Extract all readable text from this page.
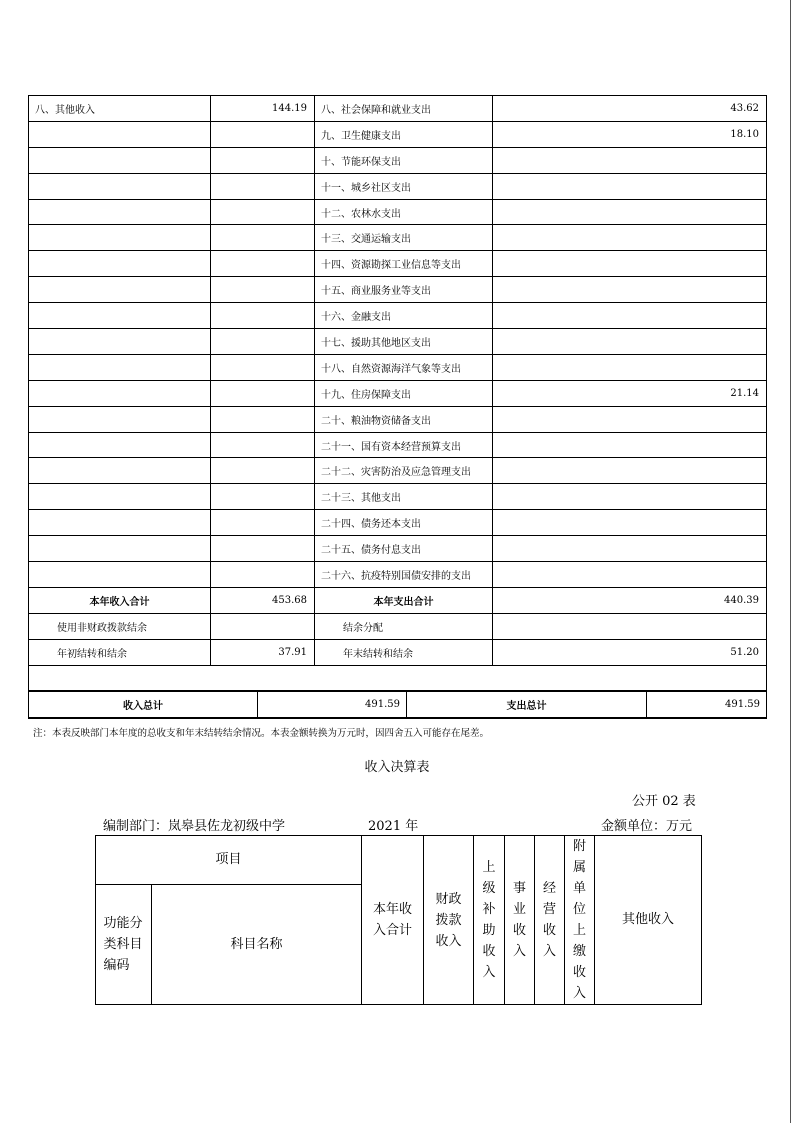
八、其他收入	144.19	八、社会保障和就业支出	43.62
		九、卫生健康支出	18.10
		十、节能环保支出	
		十一、城乡社区支出	
		十二、农林水支出	
		十三、交通运输支出	
		十四、资源勘探工业信息等支出	
		十五、商业服务业等支出	
		十六、金融支出	
		十七、援助其他地区支出	
		十八、自然资源海洋气象等支出	
		十九、住房保障支出	21.14
		二十、粮油物资储备支出	
		二十一、国有资本经营预算支出	
		二十二、灾害防治及应急管理支出	
		二十三、其他支出	
		二十四、债务还本支出	
		二十五、债务付息支出	
		二十六、抗疫特别国债安排的支出	
本年收入合计	453.68	本年支出合计	440.39
使用非财政拨款结余		结余分配	
年初结转和结余	37.91	年末结转和结余	51.20

收入总计	491.59	支出总计	491.59
注：本表反映部门本年度的总收支和年末结转结余情况。本表金额转换为万元时，因四舍五入可能存在尾差。
收入决算表
公开 02 表
编制部门：岚皋县佐龙初级中学	2021 年	金额单位：万元
项目		本年收入合计	财政拨款收入	上级补助收入	事业收入	经营收入	附属单位上缴收入	其他收入
功能分类科目编码	科目名称							
